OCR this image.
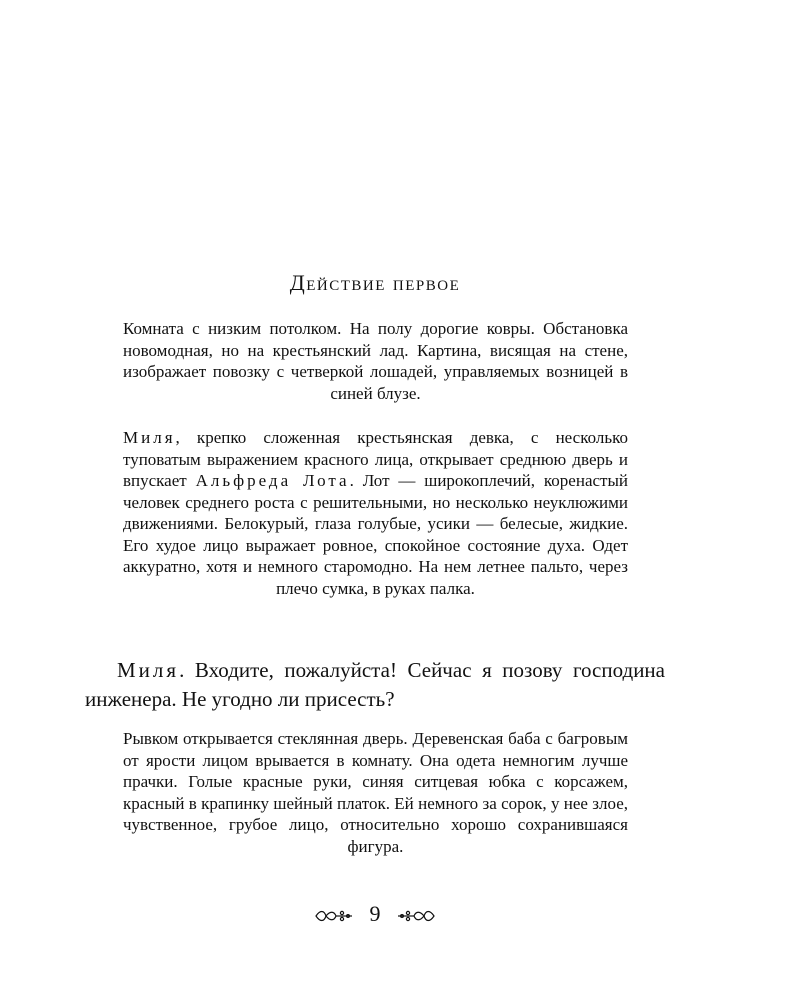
Действие первое
Комната с низким потолком. На полу дорогие ковры. Обстановка новомодная, но на крестьянский лад. Картина, висящая на стене, изображает повозку с четверкой лошадей, управляемых возницей в синей блузе.
Миля, крепко сложенная крестьянская девка, с несколько туповатым выражением красного лица, открывает среднюю дверь и впускает Альфреда Лота. Лот — широкоплечий, коренастый человек среднего роста с решительными, но несколько неуклюжими движениями. Белокурый, глаза голубые, усики — белесые, жидкие. Его худое лицо выражает ровное, спокойное состояние духа. Одет аккуратно, хотя и немного старомодно. На нем летнее пальто, через плечо сумка, в руках палка.
Миля. Входите, пожалуйста! Сейчас я позову господина инженера. Не угодно ли присесть?
Рывком открывается стеклянная дверь. Деревенская баба с багровым от ярости лицом врывается в комнату. Она одета немногим лучше прачки. Голые красные руки, синяя ситцевая юбка с корсажем, красный в крапинку шейный платок. Ей немного за сорок, у нее злое, чувственное, грубое лицо, относительно хорошо сохранившаяся фигура.
9
